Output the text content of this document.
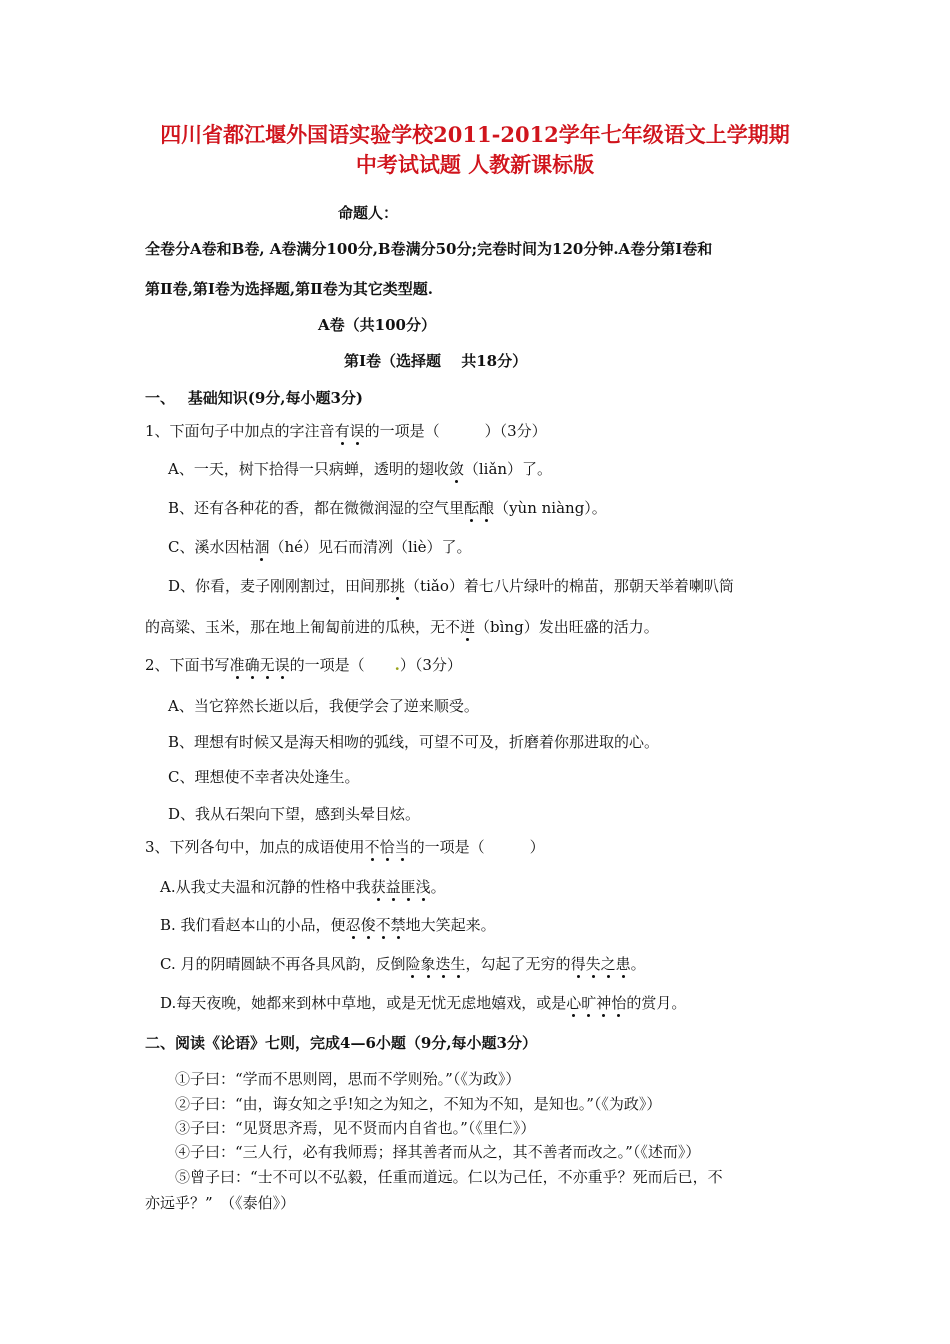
四川省都江堰外国语实验学校2011-2012学年七年级语文上学期期
中考试试题 人教新课标版
命题人：
全卷分A卷和B卷, A卷满分100分,B卷满分50分;完卷时间为120分钟.A卷分第Ⅰ卷和
第Ⅱ卷,第Ⅰ卷为选择题,第Ⅱ卷为其它类型题.
A卷（共100分）
第Ⅰ卷（选择题　 共18分）
一、　 基础知识(9分,每小题3分)
1、下面句子中加点的字注音有误的一项是（　　　）（3分）
A、一天，树下拾得一只病蝉，透明的翅收敛（liǎn）了。
B、还有各种花的香，都在微微润湿的空气里酝酿（yùn niàng）。
C、溪水因枯涸（hé）见石而清冽（liè）了。
D、你看，麦子刚刚割过，田间那挑（tiǎo）着七八片绿叶的棉苗，那朝天举着喇叭筒
的高粱、玉米，那在地上匍匐前进的瓜秧，无不迸（bìng）发出旺盛的活力。
2、下面书写准确无误的一项是（　　.）（3分）
A、当它猝然长逝以后，我便学会了逆来顺受。
B、理想有时候又是海天相吻的弧线，可望不可及，折磨着你那进取的心。
C、理想使不幸者决处逢生。
D、我从石架向下望，感到头晕目炫。
3、下列各句中，加点的成语使用不恰当的一项是（　　　）
A.从我丈夫温和沉静的性格中我获益匪浅。
B. 我们看赵本山的小品，便忍俊不禁地大笑起来。
C. 月的阴晴圆缺不再各具风韵，反倒险象迭生，勾起了无穷的得失之患。
D.每天夜晚，她都来到林中草地，或是无忧无虑地嬉戏，或是心旷神怡的赏月。
二、阅读《论语》七则，完成4—6小题（9分,每小题3分）
①子曰：“学而不思则罔，思而不学则殆。”（《为政》）
②子曰：“由，诲女知之乎!知之为知之，不知为不知，是知也。”（《为政》）
③子曰：“见贤思齐焉，见不贤而内自省也。”（《里仁》）
④子曰：“三人行，必有我师焉；择其善者而从之，其不善者而改之。”（《述而》）
⑤曾子曰：“士不可以不弘毅，任重而道远。仁以为己任，不亦重乎？死而后已，不
亦远乎？”　（《泰伯》）
